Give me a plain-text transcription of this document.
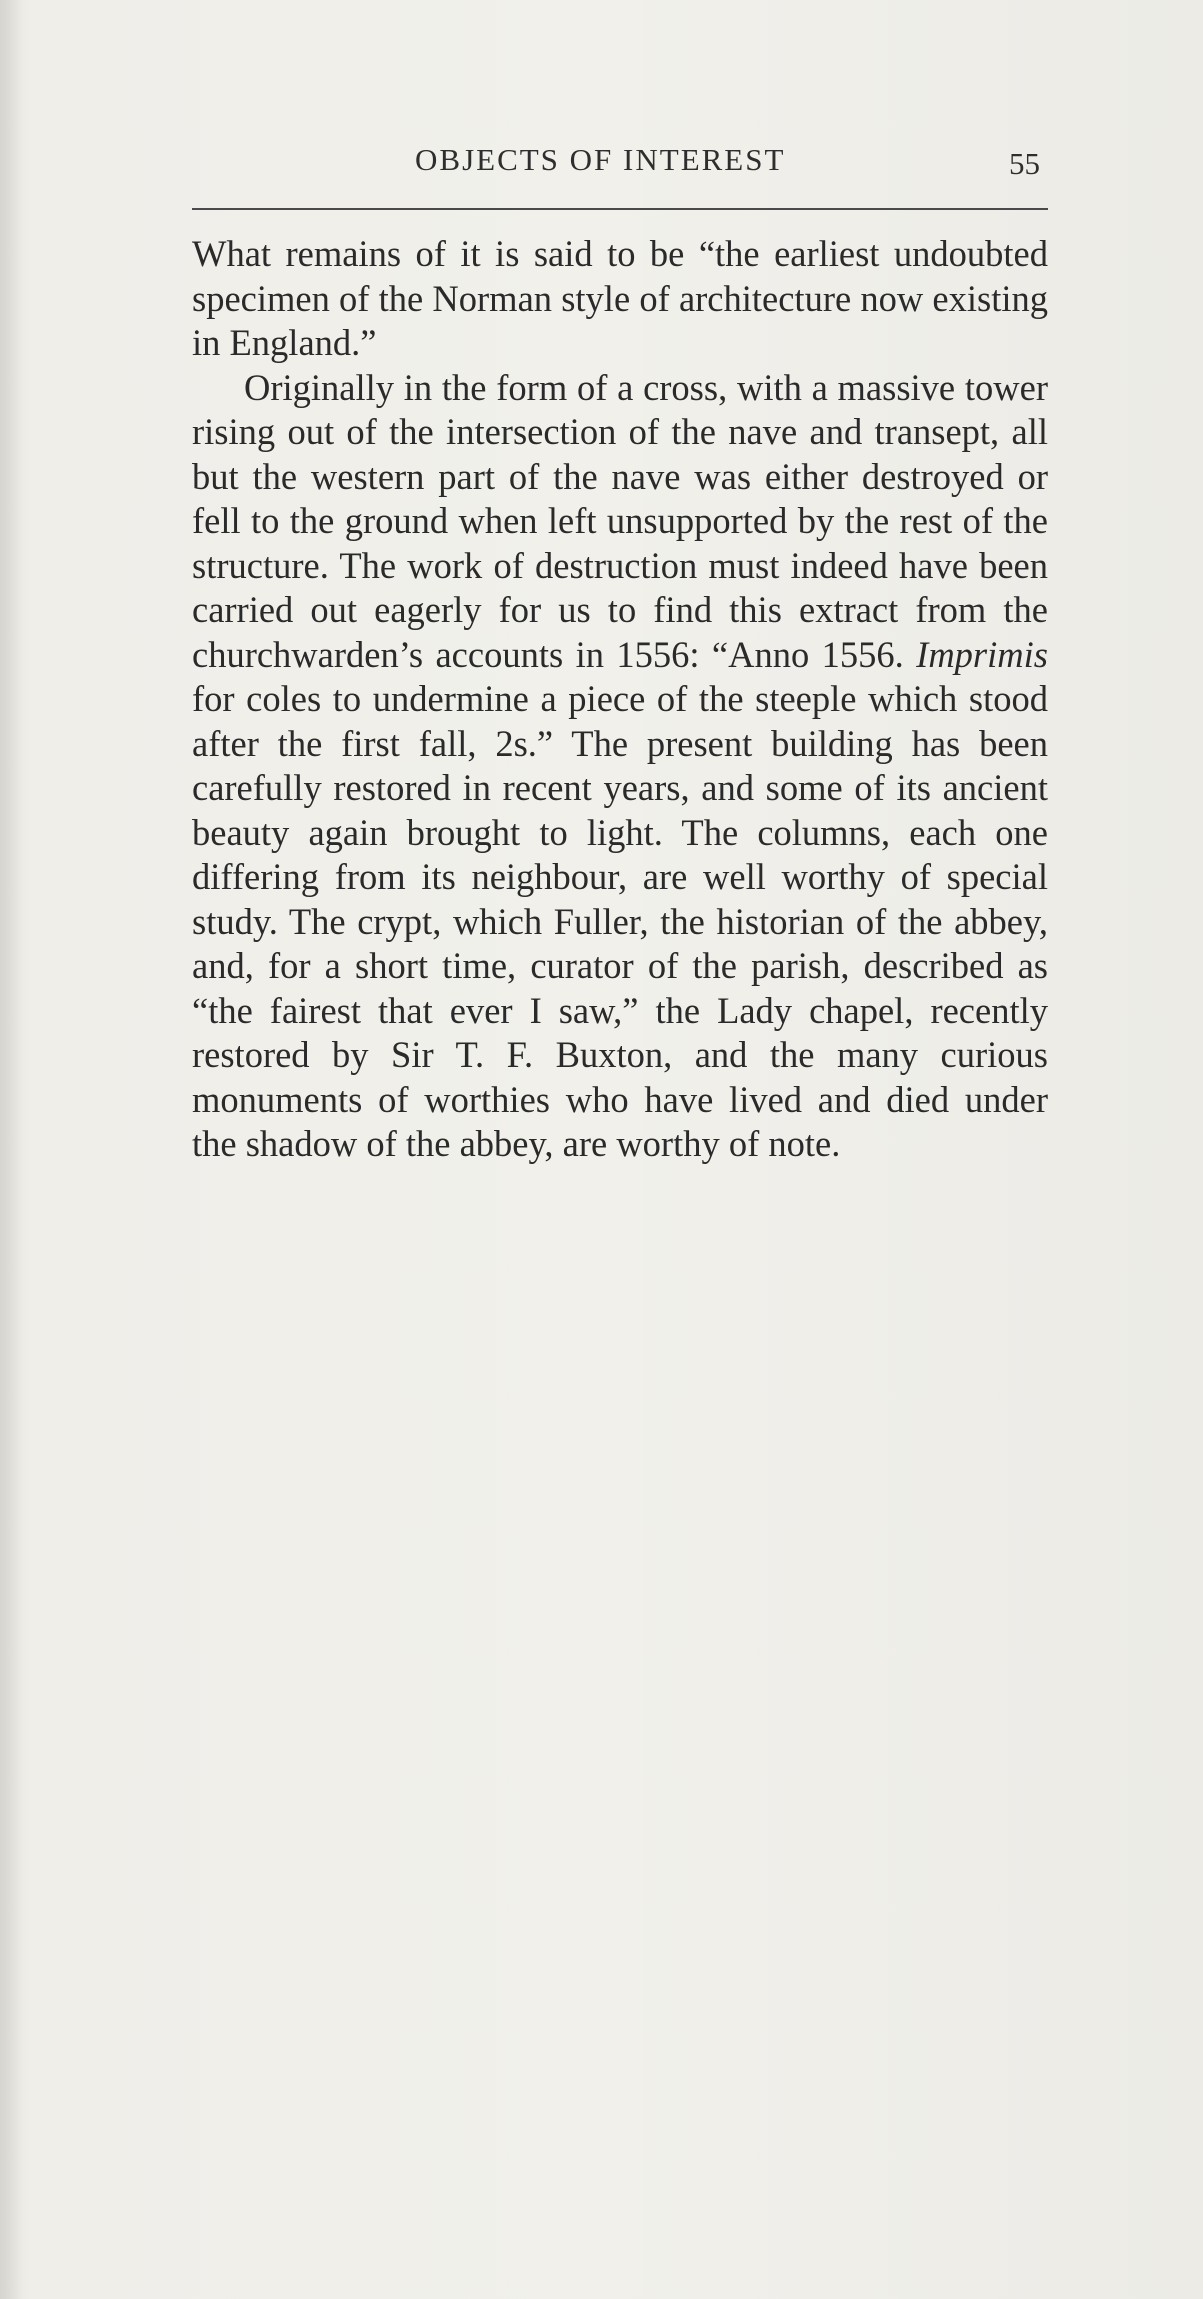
OBJECTS OF INTEREST	55

What remains of it is said to be “the earliest undoubted specimen of the Norman style of architecture now existing in England.”

Originally in the form of a cross, with a massive tower rising out of the intersection of the nave and transept, all but the western part of the nave was either destroyed or fell to the ground when left unsupported by the rest of the structure. The work of destruction must indeed have been carried out eagerly for us to find this extract from the churchwarden’s accounts in 1556: “Anno 1556. Imprimis for coles to undermine a piece of the steeple which stood after the first fall, 2s.” The present building has been carefully restored in recent years, and some of its ancient beauty again brought to light. The columns, each one differing from its neighbour, are well worthy of special study. The crypt, which Fuller, the historian of the abbey, and, for a short time, curator of the parish, described as “the fairest that ever I saw,” the Lady chapel, recently restored by Sir T. F. Buxton, and the many curious monuments of worthies who have lived and died under the shadow of the abbey, are worthy of note.
